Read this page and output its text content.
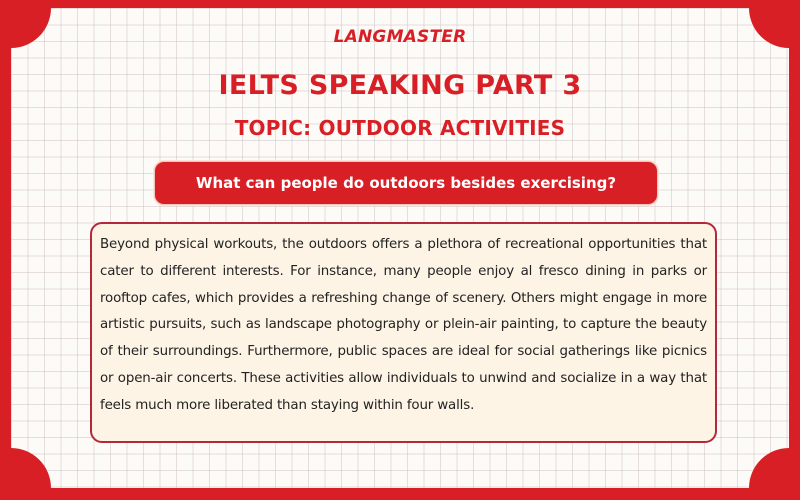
LANGMASTER
IELTS SPEAKING PART 3
TOPIC: OUTDOOR ACTIVITIES
What can people do outdoors besides exercising?

Beyond physical workouts, the outdoors offers a plethora of recreational opportunities that cater to different interests. For instance, many people enjoy al fresco dining in parks or rooftop cafes, which provides a refreshing change of scenery. Others might engage in more artistic pursuits, such as landscape photography or plein-air painting, to capture the beauty of their surroundings. Furthermore, public spaces are ideal for social gatherings like picnics or open-air concerts. These activities allow individuals to unwind and socialize in a way that feels much more liberated than staying within four walls.
